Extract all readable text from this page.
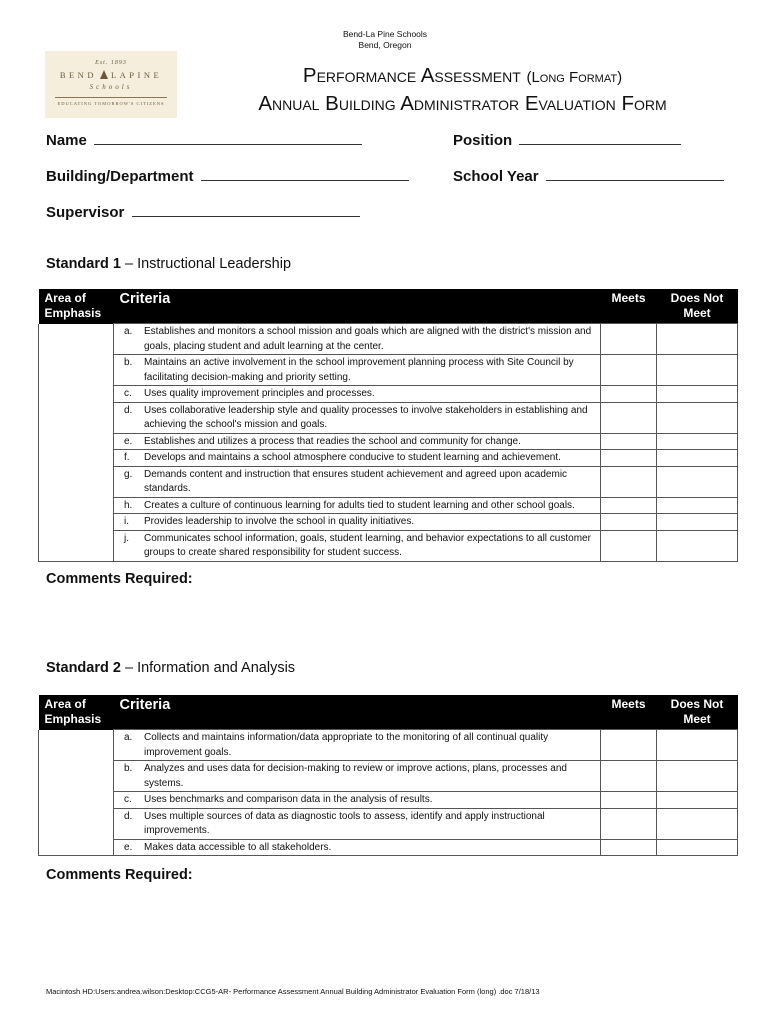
Bend-La Pine Schools
Bend, Oregon
Est. 1893
BEND LAPINE
Schools
EDUCATING TOMORROW'S CITIZENS
Performance Assessment (Long Format)
Annual Building Administrator Evaluation Form
Name	Position
Building/Department	School Year
Supervisor
Standard 1 – Instructional Leadership
Area of Emphasis	Criteria	Meets	Does Not Meet
	a. Establishes and monitors a school mission and goals which are aligned with the district's mission and goals, placing student and adult learning at the center.		
	b. Maintains an active involvement in the school improvement planning process with Site Council by facilitating decision-making and priority setting.		
	c. Uses quality improvement principles and processes.		
	d. Uses collaborative leadership style and quality processes to involve stakeholders in establishing and achieving the school's mission and goals.		
	e. Establishes and utilizes a process that readies the school and community for change.		
	f. Develops and maintains a school atmosphere conducive to student learning and achievement.		
	g. Demands content and instruction that ensures student achievement and agreed upon academic standards.		
	h. Creates a culture of continuous learning for adults tied to student learning and other school goals.		
	i. Provides leadership to involve the school in quality initiatives.		
	j. Communicates school information, goals, student learning, and behavior expectations to all customer groups to create shared responsibility for student success.		
Comments Required:
Standard 2 – Information and Analysis
Area of Emphasis	Criteria	Meets	Does Not Meet
	a. Collects and maintains information/data appropriate to the monitoring of all continual quality improvement goals.		
	b. Analyzes and uses data for decision-making to review or improve actions, plans, processes and systems.		
	c. Uses benchmarks and comparison data in the analysis of results.		
	d. Uses multiple sources of data as diagnostic tools to assess, identify and apply instructional improvements.		
	e. Makes data accessible to all stakeholders.		
Comments Required:
Macintosh HD:Users:andrea.wilson:Desktop:CCG5-AR- Performance Assessment Annual Building Administrator Evaluation Form (long) .doc 7/18/13
